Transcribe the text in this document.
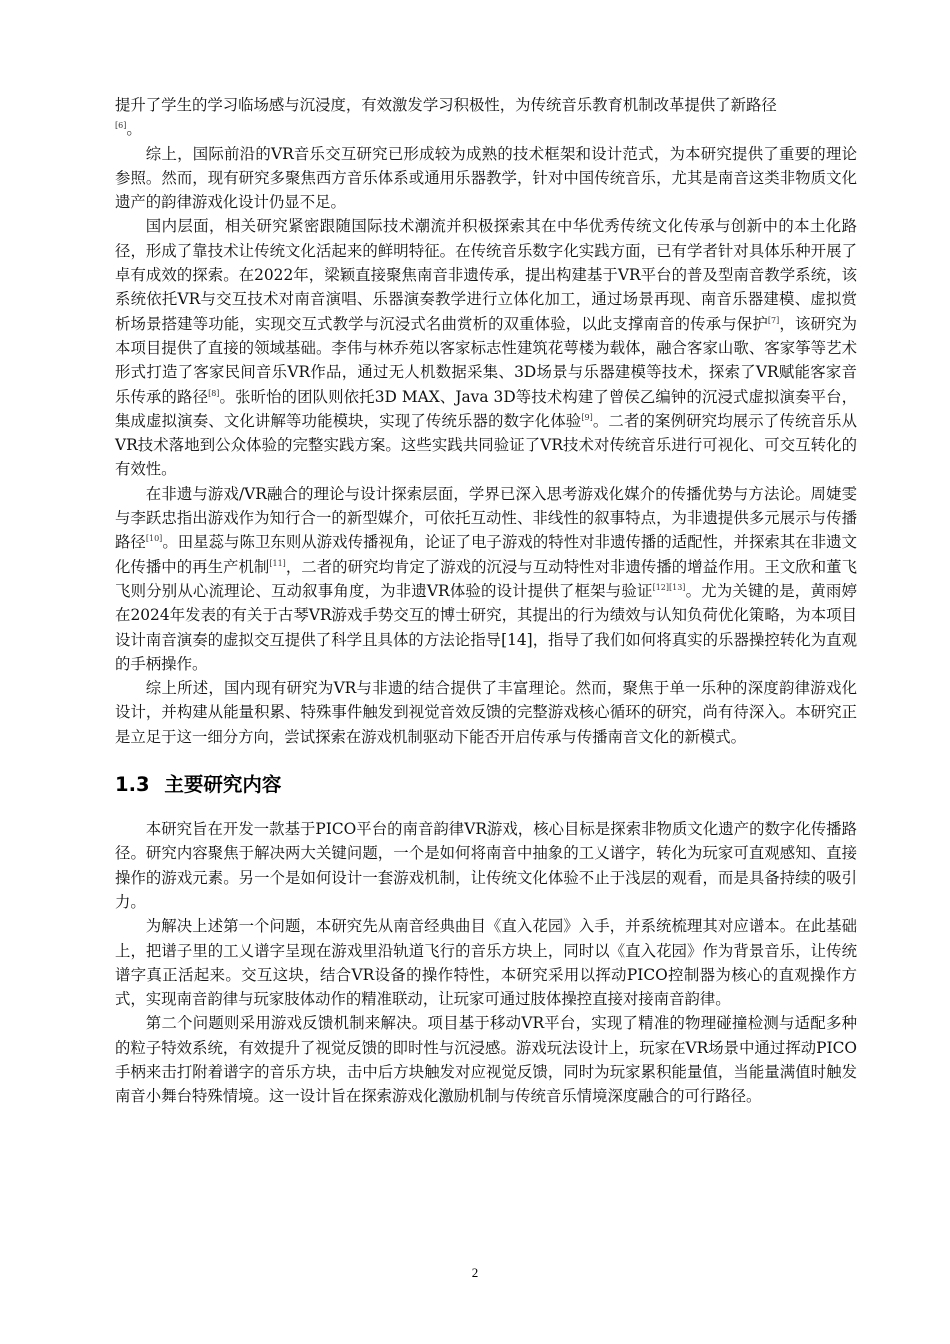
提升了学生的学习临场感与沉浸度，有效激发学习积极性，为传统音乐教育机制改革提供了新路径
[6]。

综上，国际前沿的VR音乐交互研究已形成较为成熟的技术框架和设计范式，为本研究提供了重要的理论参照。然而，现有研究多聚焦西方音乐体系或通用乐器教学，针对中国传统音乐，尤其是南音这类非物质文化遗产的韵律游戏化设计仍显不足。

国内层面，相关研究紧密跟随国际技术潮流并积极探索其在中华优秀传统文化传承与创新中的本土化路径，形成了靠技术让传统文化活起来的鲜明特征。在传统音乐数字化实践方面，已有学者针对具体乐种开展了卓有成效的探索。在2022年，梁颖直接聚焦南音非遗传承，提出构建基于VR平台的普及型南音教学系统，该系统依托VR与交互技术对南音演唱、乐器演奏教学进行立体化加工，通过场景再现、南音乐器建模、虚拟赏析场景搭建等功能，实现交互式教学与沉浸式名曲赏析的双重体验，以此支撑南音的传承与保护[7]，该研究为本项目提供了直接的领域基础。李伟与林乔苑以客家标志性建筑花萼楼为载体，融合客家山歌、客家筝等艺术形式打造了客家民间音乐VR作品，通过无人机数据采集、3D场景与乐器建模等技术，探索了VR赋能客家音乐传承的路径[8]。张昕怡的团队则依托3D MAX、Java 3D等技术构建了曾侯乙编钟的沉浸式虚拟演奏平台，集成虚拟演奏、文化讲解等功能模块，实现了传统乐器的数字化体验[9]。二者的案例研究均展示了传统音乐从VR技术落地到公众体验的完整实践方案。这些实践共同验证了VR技术对传统音乐进行可视化、可交互转化的有效性。

在非遗与游戏/VR融合的理论与设计探索层面，学界已深入思考游戏化媒介的传播优势与方法论。周婕雯与李跃忠指出游戏作为知行合一的新型媒介，可依托互动性、非线性的叙事特点，为非遗提供多元展示与传播路径[10]。田星蕊与陈卫东则从游戏传播视角，论证了电子游戏的特性对非遗传播的适配性，并探索其在非遗文化传播中的再生产机制[11]，二者的研究均肯定了游戏的沉浸与互动特性对非遗传播的增益作用。王文欣和董飞飞则分别从心流理论、互动叙事角度，为非遗VR体验的设计提供了框架与验证[12][13]。尤为关键的是，黄雨婷在2024年发表的有关于古琴VR游戏手势交互的博士研究，其提出的行为绩效与认知负荷优化策略，为本项目设计南音演奏的虚拟交互提供了科学且具体的方法论指导[14]，指导了我们如何将真实的乐器操控转化为直观的手柄操作。

综上所述，国内现有研究为VR与非遗的结合提供了丰富理论。然而，聚焦于单一乐种的深度韵律游戏化设计，并构建从能量积累、特殊事件触发到视觉音效反馈的完整游戏核心循环的研究，尚有待深入。本研究正是立足于这一细分方向，尝试探索在游戏机制驱动下能否开启传承与传播南音文化的新模式。

1.3 主要研究内容

本研究旨在开发一款基于PICO平台的南音韵律VR游戏，核心目标是探索非物质文化遗产的数字化传播路径。研究内容聚焦于解决两大关键问题，一个是如何将南音中抽象的工乂谱字，转化为玩家可直观感知、直接操作的游戏元素。另一个是如何设计一套游戏机制，让传统文化体验不止于浅层的观看，而是具备持续的吸引力。

为解决上述第一个问题，本研究先从南音经典曲目《直入花园》入手，并系统梳理其对应谱本。在此基础上，把谱子里的工乂谱字呈现在游戏里沿轨道飞行的音乐方块上，同时以《直入花园》作为背景音乐，让传统谱字真正活起来。交互这块，结合VR设备的操作特性，本研究采用以挥动PICO控制器为核心的直观操作方式，实现南音韵律与玩家肢体动作的精准联动，让玩家可通过肢体操控直接对接南音韵律。

第二个问题则采用游戏反馈机制来解决。项目基于移动VR平台，实现了精准的物理碰撞检测与适配多种的粒子特效系统，有效提升了视觉反馈的即时性与沉浸感。游戏玩法设计上，玩家在VR场景中通过挥动PICO手柄来击打附着谱字的音乐方块，击中后方块触发对应视觉反馈，同时为玩家累积能量值，当能量满值时触发南音小舞台特殊情境。这一设计旨在探索游戏化激励机制与传统音乐情境深度融合的可行路径。

2
